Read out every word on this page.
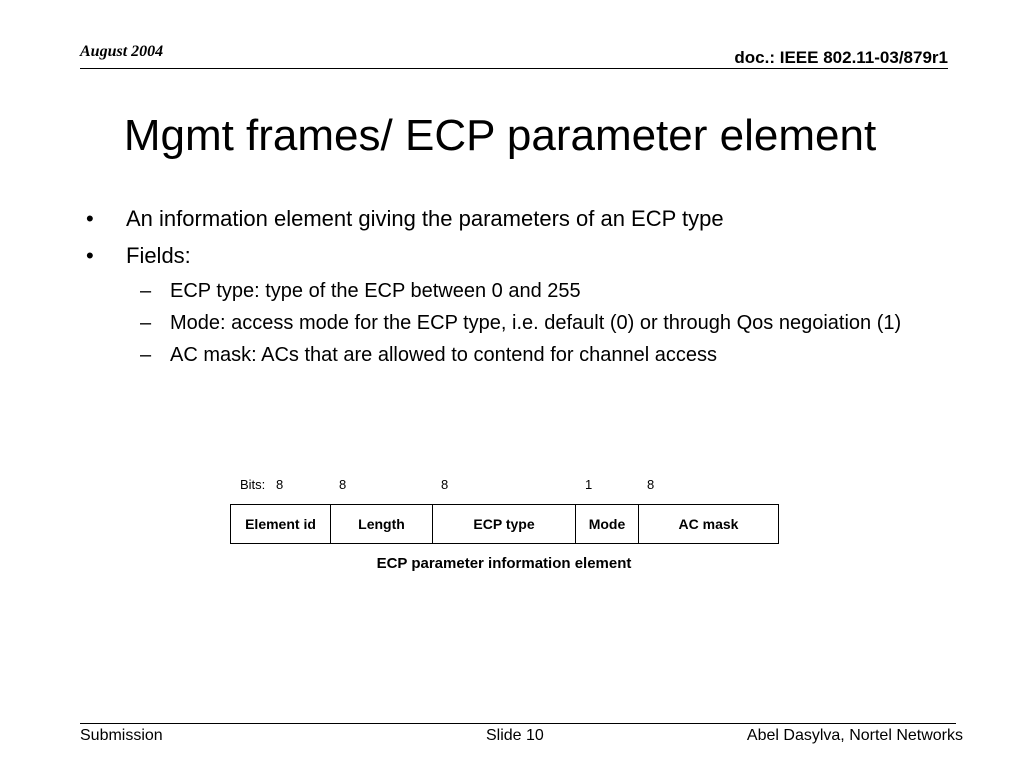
August 2004	doc.: IEEE 802.11-03/879r1
Mgmt frames/ ECP parameter element
• An information element giving the parameters of an ECP type
• Fields:
– ECP type: type of the ECP between 0 and 255
– Mode: access mode for the ECP type, i.e. default (0) or through Qos negoiation (1)
– AC mask: ACs that are allowed to contend for channel access
Bits: 8	8	8	1	8
Element id	Length	ECP type	Mode	AC mask
ECP parameter information element
Submission	Slide 10	Abel Dasylva, Nortel Networks
